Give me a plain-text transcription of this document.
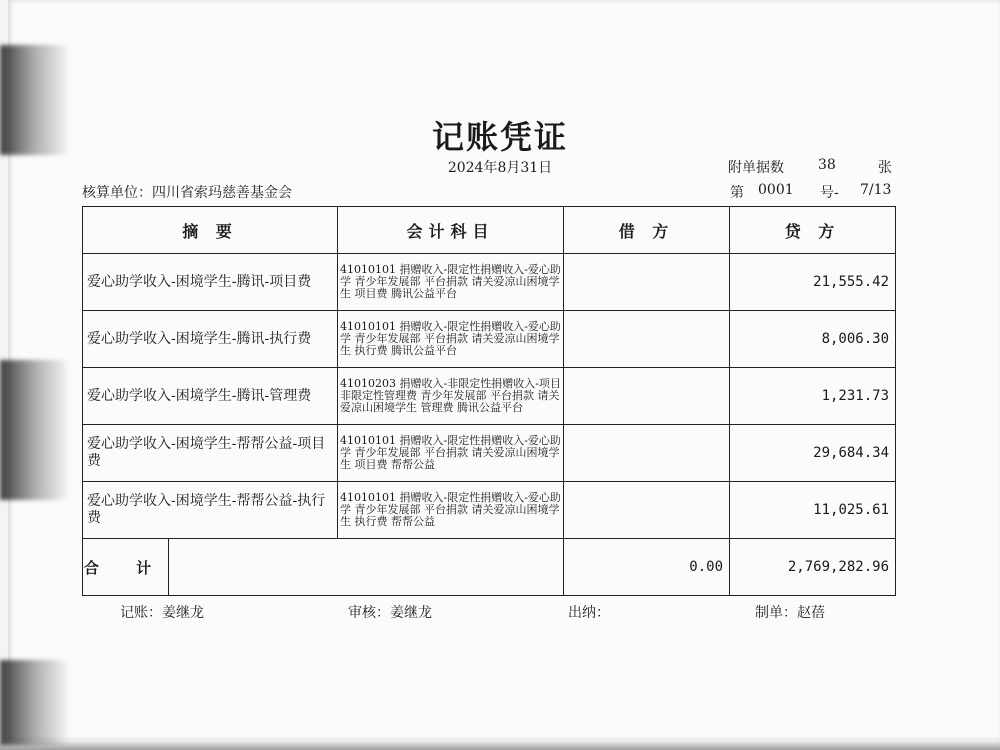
记账凭证
2024年8月31日	附单据数 38	张
核算单位：四川省索玛慈善基金会	第 0001 号- 7/13
摘 要		会计科目	借 方	贷 方
爱心助学收入-困境学生-腾讯-项目费		41010101 捐赠收入-限定性捐赠收入-爱心助学 青少年发展部 平台捐款 请关爱凉山困境学生 项目费 腾讯公益平台		21,555.42
爱心助学收入-困境学生-腾讯-执行费		41010101 捐赠收入-限定性捐赠收入-爱心助学 青少年发展部 平台捐款 请关爱凉山困境学生 执行费 腾讯公益平台		8,006.30
爱心助学收入-困境学生-腾讯-管理费		41010203 捐赠收入-非限定性捐赠收入-项目非限定性管理费 青少年发展部 平台捐款 请关爱凉山困境学生 管理费 腾讯公益平台		1,231.73
爱心助学收入-困境学生-帮帮公益-项目费		41010101 捐赠收入-限定性捐赠收入-爱心助学 青少年发展部 平台捐款 请关爱凉山困境学生 项目费 帮帮公益		29,684.34
爱心助学收入-困境学生-帮帮公益-执行费		41010101 捐赠收入-限定性捐赠收入-爱心助学 青少年发展部 平台捐款 请关爱凉山困境学生 执行费 帮帮公益		11,025.61
合 计			0.00	2,769,282.96
记账：姜继龙	审核：姜继龙	出纳：	制单：赵蓓
